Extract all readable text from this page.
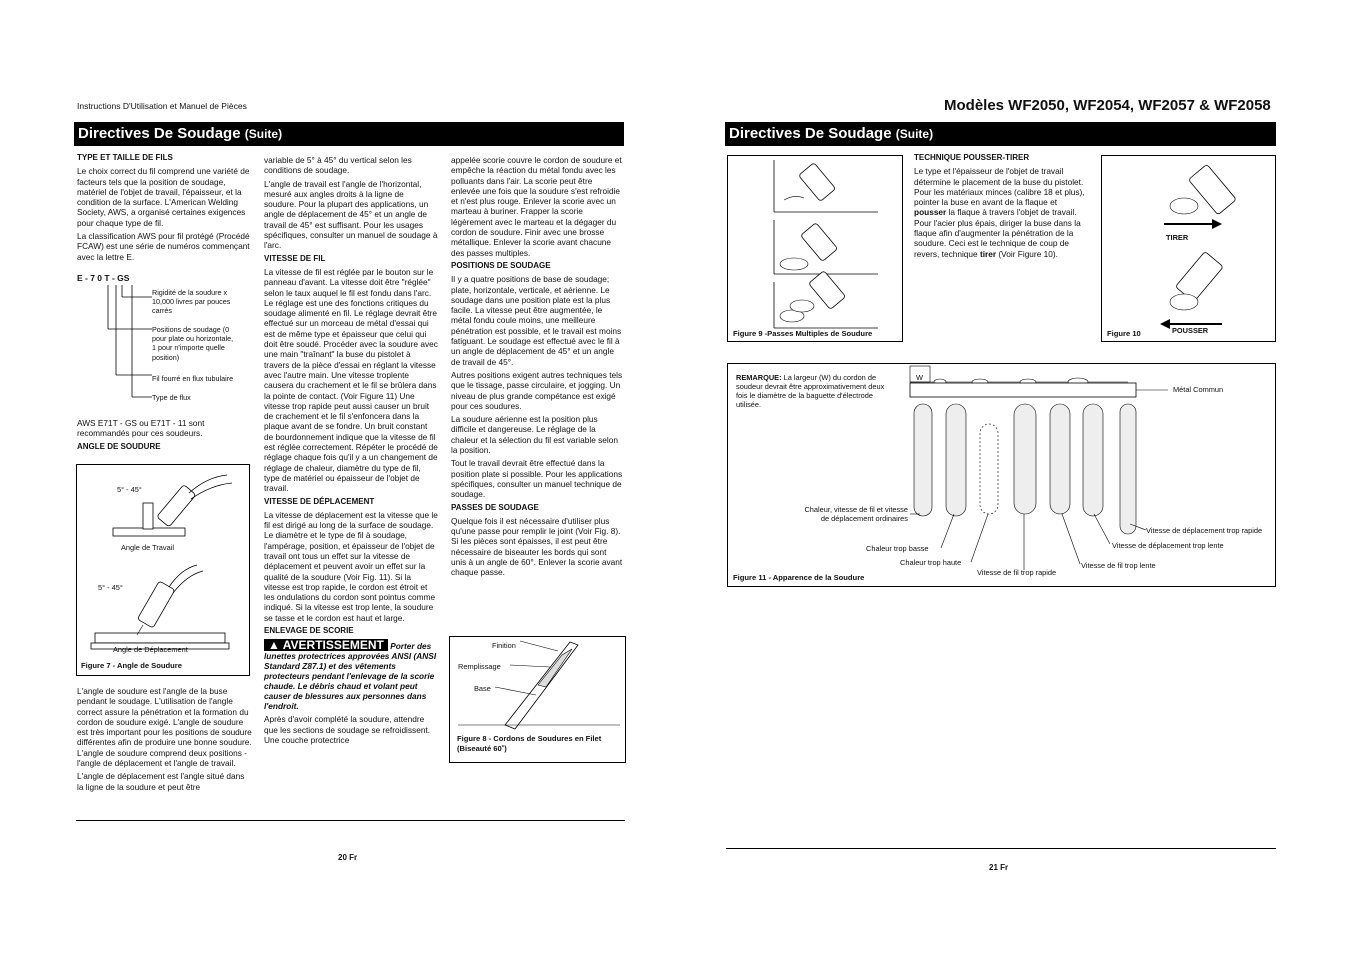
Instructions D'Utilisation et Manuel de Pièces
Directives De Soudage (Suite)
TYPE ET TAILLE DE FILS

Le choix correct du fil comprend une variété de facteurs tels que la position de soudage, matériel de l'objet de travail, l'épaisseur, et la condition de la surface. L'American Welding Society, AWS, a organisé certaines exigences pour chaque type de fil.

La classification AWS pour fil protégé (Procédé FCAW) est une série de numéros commençant avec la lettre E.

E - 7 0 T - GS
Rigidité de la soudure x 10,000 livres par pouces carrés
Positions de soudage (0 pour plate ou horizontale, 1 pour n'importe quelle position)
Fil fourré en flux tubulaire
Type de flux

AWS E71T - GS ou E71T - 11 sont recommandés pour ces soudeurs.

ANGLE DE SOUDURE
5° - 45°
Angle de Travail
5° - 45°
Angle de Déplacement
Figure 7 - Angle de Soudure

L'angle de soudure est l'angle de la buse pendant le soudage. L'utilisation de l'angle correct assure la pénétration et la formation du cordon de soudure exigé. L'angle de soudure est très important pour les positions de soudure différentes afin de produire une bonne soudure. L'angle de soudure comprend deux positions - l'angle de déplacement et l'angle de travail.

L'angle de déplacement est l'angle situé dans la ligne de la soudure et peut être

variable de 5° à 45° du vertical selon les conditions de soudage.

L'angle de travail est l'angle de l'horizontal, mesuré aux angles droits à la ligne de soudure. Pour la plupart des applications, un angle de déplacement de 45° et un angle de travail de 45° est suffisant. Pour les usages spécifiques, consulter un manuel de soudage à l'arc.

VITESSE DE FIL

La vitesse de fil est réglée par le bouton sur le panneau d'avant. La vitesse doit être "réglée" selon le taux auquel le fil est fondu dans l'arc. Le réglage est une des fonctions critiques du soudage alimenté en fil. Le réglage devrait être effectué sur un morceau de métal d'essai qui est de même type et épaisseur que celui qui doit être soudé. Procéder avec la soudure avec une main "traînant" la buse du pistolet à travers de la pièce d'essai en réglant la vitesse avec l'autre main. Une vitesse troplente causera du crachement et le fil se brûlera dans la pointe de contact. (Voir Figure 11) Une vitesse trop rapide peut aussi causer un bruit de crachement et le fil s'enfoncera dans la plaque avant de se fondre. Un bruit constant de bourdonnement indique que la vitesse de fil est réglée correctement. Répéter le procédé de réglage chaque fois qu'il y a un changement de réglage de chaleur, diamètre du type de fil, type de matériel ou épaisseur de l'objet de travail.

VITESSE DE DÉPLACEMENT

La vitesse de déplacement est la vitesse que le fil est dirigé au long de la surface de soudage. Le diamètre et le type de fil à soudage, l'ampérage, position, et épaisseur de l'objet de travail ont tous un effet sur la vitesse de déplacement et peuvent avoir un effet sur la qualité de la soudure (Voir Fig. 11). Si la vitesse est trop rapide, le cordon est étroit et les ondulations du cordon sont pointus comme indiqué. Si la vitesse est trop lente, la soudure se tasse et le cordon est haut et large.

ENLEVAGE DE SCORIE
▲ AVERTISSEMENT Porter des lunettes protectrices approvées ANSI (ANSI Standard Z87.1) et des vêtements protecteurs pendant l'enlevage de la scorie chaude. Le débris chaud et volant peut causer de blessures aux personnes dans l'endroit.

Après d'avoir complété la soudure, attendre que les sections de soudage se refroidissent. Une couche protectrice

appelée scorie couvre le cordon de soudure et empêche la réaction du métal fondu avec les polluants dans l'air. La scorie peut être enlevée une fois que la soudure s'est refroidie et n'est plus rouge. Enlever la scorie avec un marteau à buriner. Frapper la scorie légèrement avec le marteau et la dégager du cordon de soudure. Finir avec une brosse métallique. Enlever la scorie avant chacune des passes multiples.

POSITIONS DE SOUDAGE

Il y a quatre positions de base de soudage; plate, horizontale, verticale, et aérienne. Le soudage dans une position plate est la plus facile. La vitesse peut être augmentée, le métal fondu coule moins, une meilleure pénétration est possible, et le travail est moins fatiguant. Le soudage est effectué avec le fil à un angle de déplacement de 45° et un angle de travail de 45°.

Autres positions exigent autres techniques tels que le tissage, passe circulaire, et jogging. Un niveau de plus grande compétance est exigé pour ces soudures.

La soudure aérienne est la position plus difficile et dangereuse. Le réglage de la chaleur et la sélection du fil est variable selon la position.

Tout le travail devrait être effectué dans la position plate si possible. Pour les applications spécifiques, consulter un manuel technique de soudage.

PASSES DE SOUDAGE

Quelque fois il est nécessaire d'utiliser plus qu'une passe pour remplir le joint (Voir Fig. 8). Si les pièces sont épaisses, il est peut être nécessaire de biseauter les bords qui sont unis à un angle de 60°. Enlever la scorie avant chaque passe.

Finition
Remplissage
Base
Figure 8 - Cordons de Soudures en Filet (Biseauté 60˚)
20 Fr
Modèles WF2050, WF2054, WF2057 & WF2058
Directives De Soudage (Suite)
Figure 9 -Passes Multiples de Soudure
TECHNIQUE POUSSER-TIRER

Le type et l'épaisseur de l'objet de travail détermine le placement de la buse du pistolet. Pour les matériaux minces (calibre 18 et plus), pointer la buse en avant de la flaque et pousser la flaque à travers l'objet de travail. Pour l'acier plus épais, diriger la buse dans la flaque afin d'augmenter la pénétration de la soudure. Ceci est le technique de coup de revers, technique tirer (Voir Figure 10).

TIRER
POUSSER
Figure 10
REMARQUE: La largeur (W) du cordon de soudeur devrait être approximativement deux fois le diamètre de la baguette d'électrode utilisée.
W
Métal Commun
Chaleur, vitesse de fil et vitesse de déplacement ordinaires
Chaleur trop basse
Chaleur trop haute
Vitesse de fil trop rapide
Vitesse de fil trop lente
Vitesse de déplacement trop lente
Vitesse de déplacement trop rapide
Figure 11 - Apparence de la Soudure
21 Fr
